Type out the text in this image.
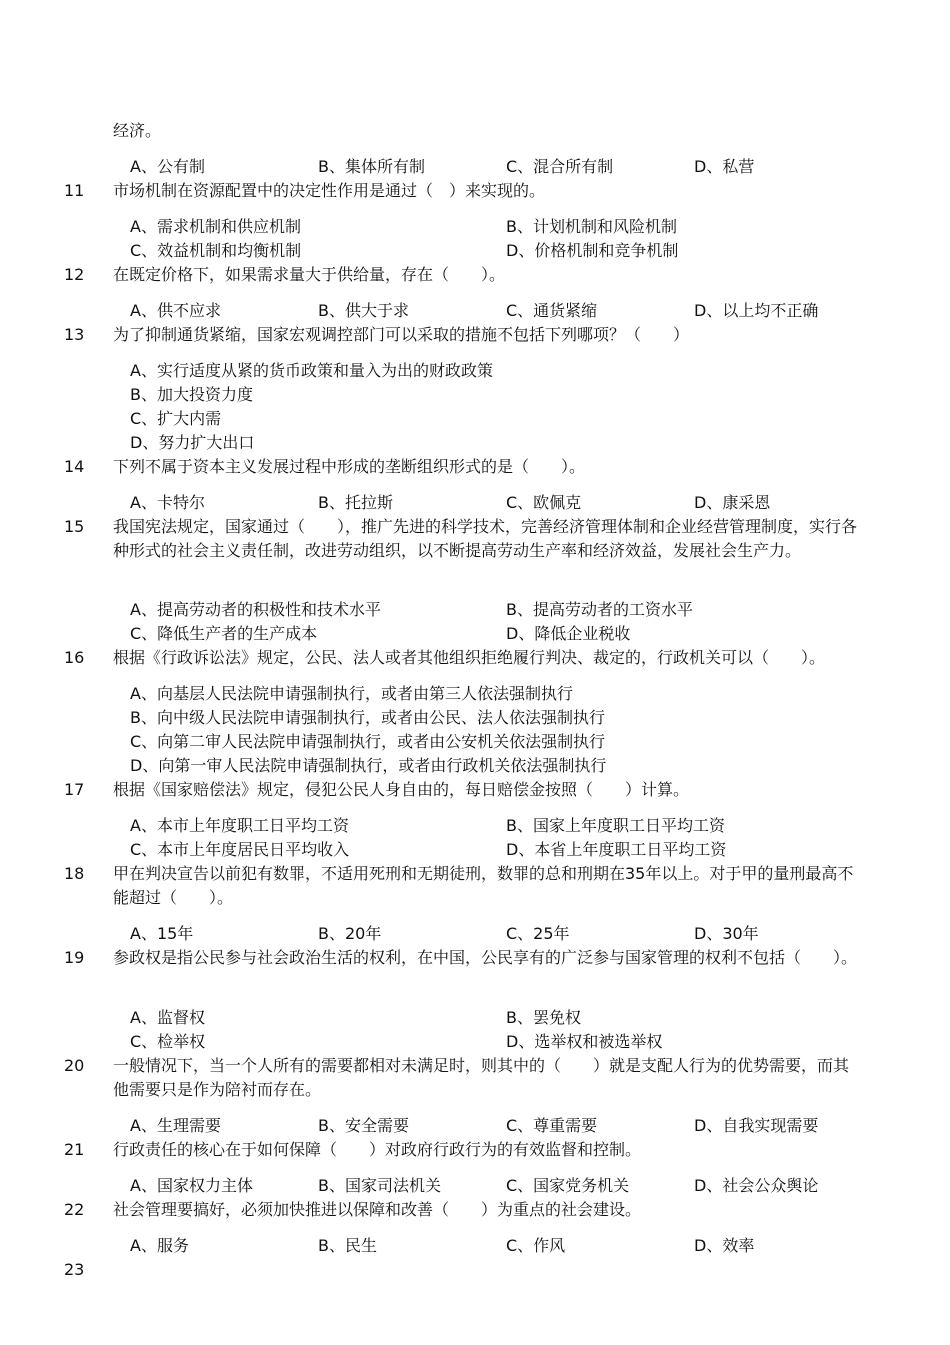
经济。
A、公有制	B、集体所有制	C、混合所有制	D、私营
11	市场机制在资源配置中的决定性作用是通过（　）来实现的。
A、需求机制和供应机制	B、计划机制和风险机制
C、效益机制和均衡机制	D、价格机制和竞争机制
12	在既定价格下，如果需求量大于供给量，存在（　　）。
A、供不应求	B、供大于求	C、通货紧缩	D、以上均不正确
13	为了抑制通货紧缩，国家宏观调控部门可以采取的措施不包括下列哪项？（　　）
A、实行适度从紧的货币政策和量入为出的财政政策
B、加大投资力度
C、扩大内需
D、努力扩大出口
14	下列不属于资本主义发展过程中形成的垄断组织形式的是（　　）。
A、卡特尔	B、托拉斯	C、欧佩克	D、康采恩
15	我国宪法规定，国家通过（　　），推广先进的科学技术，完善经济管理体制和企业经营管理制度，实行各种形式的社会主义责任制，改进劳动组织，以不断提高劳动生产率和经济效益，发展社会生产力。
A、提高劳动者的积极性和技术水平	B、提高劳动者的工资水平
C、降低生产者的生产成本	D、降低企业税收
16	根据《行政诉讼法》规定，公民、法人或者其他组织拒绝履行判决、裁定的，行政机关可以（　　）。
A、向基层人民法院申请强制执行，或者由第三人依法强制执行
B、向中级人民法院申请强制执行，或者由公民、法人依法强制执行
C、向第二审人民法院申请强制执行，或者由公安机关依法强制执行
D、向第一审人民法院申请强制执行，或者由行政机关依法强制执行
17	根据《国家赔偿法》规定，侵犯公民人身自由的，每日赔偿金按照（　　）计算。
A、本市上年度职工日平均工资	B、国家上年度职工日平均工资
C、本市上年度居民日平均收入	D、本省上年度职工日平均工资
18	甲在判决宣告以前犯有数罪，不适用死刑和无期徒刑，数罪的总和刑期在35年以上。对于甲的量刑最高不能超过（　　）。
A、15年	B、20年	C、25年	D、30年
19	参政权是指公民参与社会政治生活的权利，在中国，公民享有的广泛参与国家管理的权利不包括（　　）。
A、监督权	B、罢免权
C、检举权	D、选举权和被选举权
20	一般情况下，当一个人所有的需要都相对未满足时，则其中的（　　）就是支配人行为的优势需要，而其他需要只是作为陪衬而存在。
A、生理需要	B、安全需要	C、尊重需要	D、自我实现需要
21	行政责任的核心在于如何保障（　　）对政府行政行为的有效监督和控制。
A、国家权力主体	B、国家司法机关	C、国家党务机关	D、社会公众舆论
22	社会管理要搞好，必须加快推进以保障和改善（　　）为重点的社会建设。
A、服务	B、民生	C、作风	D、效率
23
